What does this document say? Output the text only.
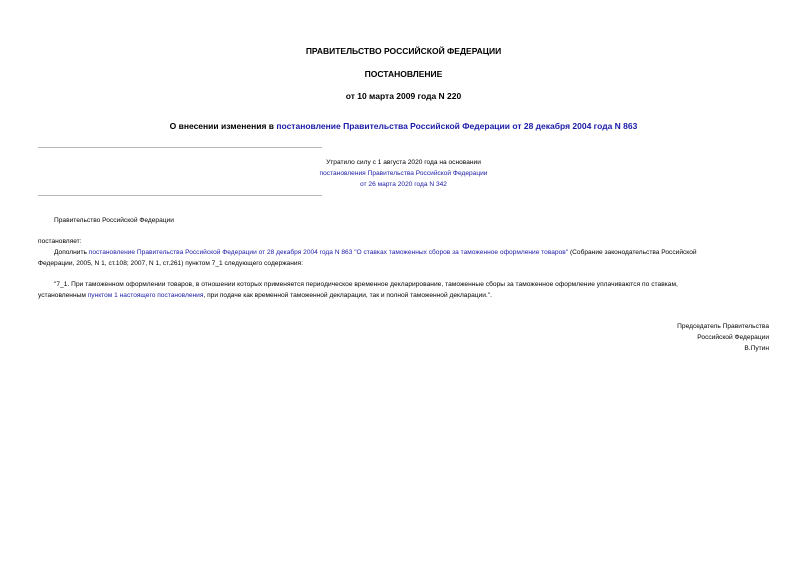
ПРАВИТЕЛЬСТВО РОССИЙСКОЙ ФЕДЕРАЦИИ
ПОСТАНОВЛЕНИЕ
от 10 марта 2009 года N 220
О внесении изменения в постановление Правительства Российской Федерации от 28 декабря 2004 года N 863
Утратило силу с 1 августа 2020 года на основании
постановления Правительства Российской Федерации
от 26 марта 2020 года N 342
Правительство Российской Федерации
постановляет:
Дополнить постановление Правительства Российской Федерации от 28 декабря 2004 года N 863 "О ставках таможенных сборов за таможенное оформление товаров" (Собрание законодательства Российской
Федерации, 2005, N 1, ст.108; 2007, N 1, ст.261) пунктом 7_1 следующего содержания:
"7_1. При таможенном оформлении товаров, в отношении которых применяется периодическое временное декларирование, таможенные сборы за таможенное оформление уплачиваются по ставкам,
установленным пунктом 1 настоящего постановления, при подаче как временной таможенной декларации, так и полной таможенной декларации.".
Председатель Правительства
Российской Федерации
В.Путин
